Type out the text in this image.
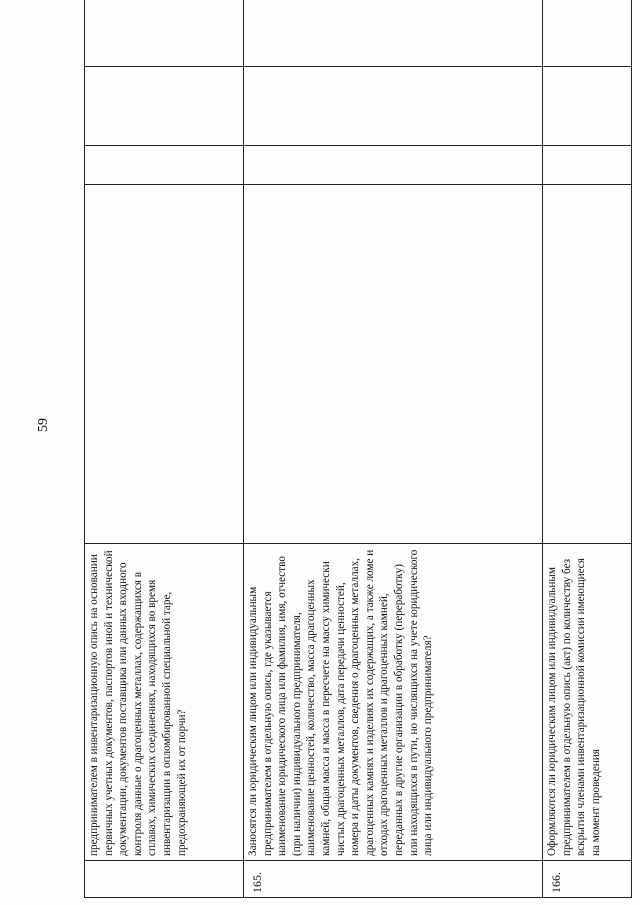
59
	предпринимателем в инвентаризационную опись на основании первичных учетных документов, паспортов иной и технической документации, документов поставщика или данных входного контроля данные о драгоценных металлах, содержащихся в сплавах, химических соединениях, находящихся во время инвентаризации в опломбированной специальной таре, предохраняющей их от порчи?				
165.	Заносятся ли юридическим лицом или индивидуальным предпринимателем в отдельную опись, где указывается наименование юридического лица или фамилия, имя, отчество (при наличии) индивидуального предпринимателя, наименование ценностей, количество, масса драгоценных камней, общая масса и масса в пересчете на массу химически чистых драгоценных металлов, дата передачи ценностей, номера и даты документов, сведения о драгоценных металлах, драгоценных камнях и изделиях их содержащих, а также ломе и отходах драгоценных металлов и драгоценных камней, переданных в другие организации в обработку (переработку) или находящихся в пути, но числящихся на учете юридического лица или индивидуального предпринимателя?				
166.	Оформляются ли юридическим лицом или индивидуальным предпринимателем в отдельную опись (акт) по количеству без вскрытия членами инвентаризационной комиссии имеющиеся на момент проведения				
